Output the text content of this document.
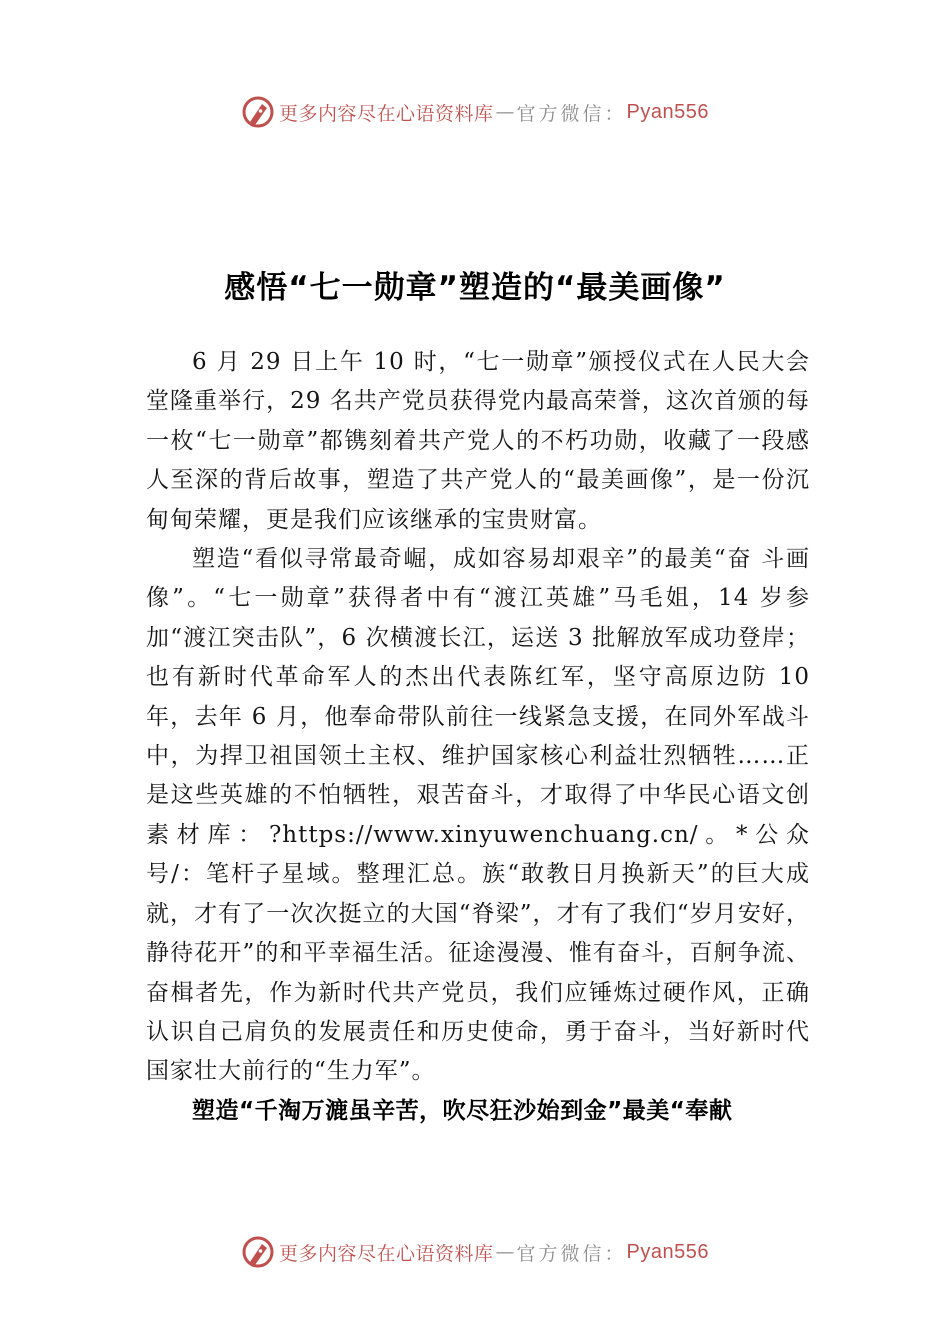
更多内容尽在心语资料库 — 官方微信： Pyan556
感悟“七一勋章”塑造的“最美画像”

6 月 29 日上午 10 时，“七一勋章”颁授仪式在人民大会堂隆重举行，29 名共产党员获得党内最高荣誉，这次首颁的每一枚“七一勋章”都镌刻着共产党人的不朽功勋，收藏了一段感人至深的背后故事，塑造了共产党人的“最美画像”，是一份沉甸甸荣耀，更是我们应该继承的宝贵财富。

塑造“看似寻常最奇崛，成如容易却艰辛”的最美“奋 斗画像”。“七一勋章”获得者中有“渡江英雄”马毛姐，14 岁参加“渡江突击队”，6 次横渡长江，运送 3 批解放军成功登岸；也有新时代革命军人的杰出代表陈红军，坚守高原边防 10 年，去年 6 月，他奉命带队前往一线紧急支援，在同外军战斗中，为捍卫祖国领土主权、维护国家核心利益壮烈牺牲……正是这些英雄的不怕牺牲，艰苦奋斗，才取得了中华民心语文创素材库：?https://www.xinyuwenchuang.cn/。*公众号/：笔杆子星域。整理汇总。族“敢教日月换新天”的巨大成就，才有了一次次挺立的大国“脊梁”，才有了我们“岁月安好，静待花开”的和平幸福生活。征途漫漫、惟有奋斗，百舸争流、奋楫者先，作为新时代共产党员，我们应锤炼过硬作风，正确认识自己肩负的发展责任和历史使命，勇于奋斗，当好新时代国家壮大前行的“生力军”。

塑造“千淘万漉虽辛苦，吹尽狂沙始到金”最美“奉献

更多内容尽在心语资料库 — 官方微信： Pyan556
